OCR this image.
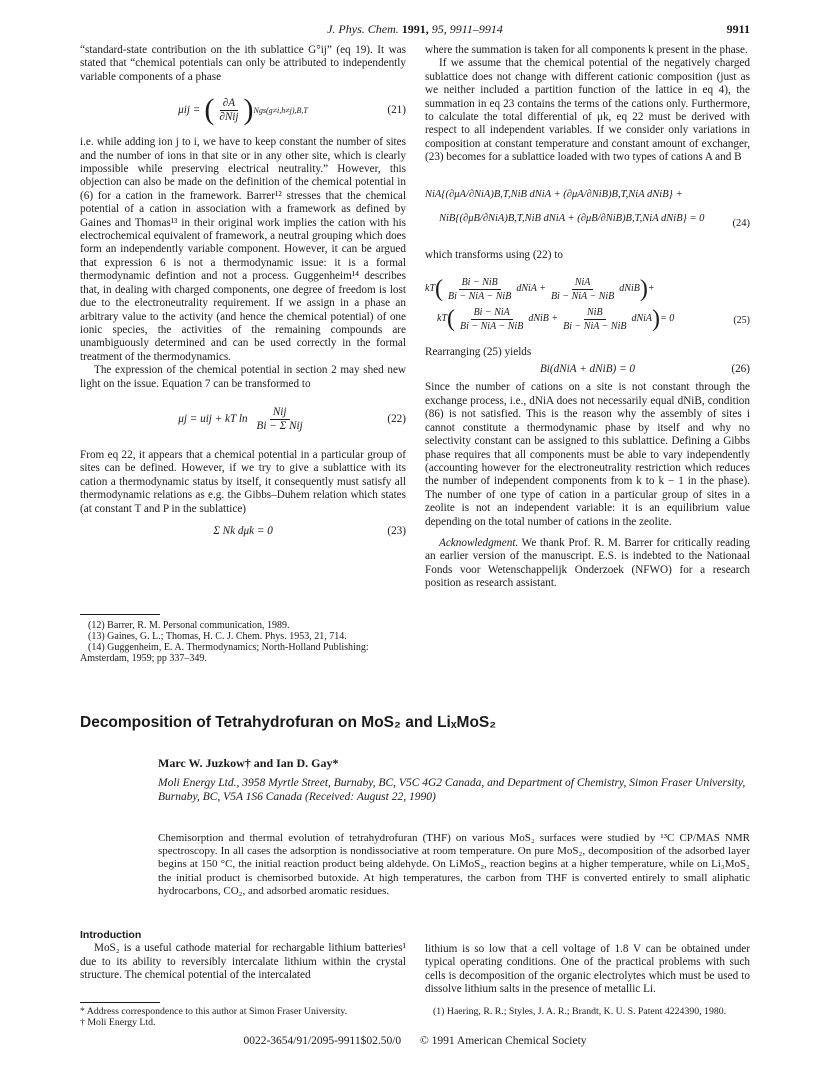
J. Phys. Chem. 1991, 95, 9911–9914	9911

“standard-state contribution on the ith sublattice G°ij” (eq 19). It was stated that “chemical potentials can only be attributed to independently variable components of a phase

μij = ( $\frac{\partial A}{\text{∂Nij}}$ ) Ngs(g≠i,h≠j),B,T	(21)

i.e. while adding ion j to i, we have to keep constant the number of sites and the number of ions in that site or in any other site, which is clearly impossible while preserving electrical neutrality.” However, this objection can also be made on the definition of the chemical potential in (6) for a cation in the framework. Barrer¹² stresses that the chemical potential of a cation in association with a framework as defined by Gaines and Thomas¹³ in their original work implies the cation with his electrochemical equivalent of framework, a neutral grouping which does form an independently variable component. However, it can be argued that expression 6 is not a thermodynamic issue: it is a formal thermodynamic defintion and not a process. Guggenheim¹⁴ describes that, in dealing with charged components, one degree of freedom is lost due to the electroneutrality requirement. If we assign in a phase an arbitrary value to the activity (and hence the chemical potential) of one ionic species, the activities of the remaining compounds are unambiguously determined and can be used correctly in the formal treatment of the thermodynamics.

The expression of the chemical potential in section 2 may shed new light on the issue. Equation 7 can be transformed to

μj = uij + kT $\ln \frac{\text{Nij}}{\text{Bi − Σ Nij}}$	(22)

From eq 22, it appears that a chemical potential in a particular group of sites can be defined. However, if we try to give a sublattice with its cation a thermodynamic status by itself, it consequently must satisfy all thermodynamic relations as e.g. the Gibbs–Duhem relation which states (at constant T and P in the sublattice)

Σ Nk dμk = 0	(23)

(12) Barrer, R. M. Personal communication, 1989.

(13) Gaines, G. L.; Thomas, H. C. J. Chem. Phys. 1953, 21, 714.

(14) Guggenheim, E. A. Thermodynamics; North-Holland Publishing: Amsterdam, 1959; pp 337–349.

where the summation is taken for all components k present in the phase.

If we assume that the chemical potential of the negatively charged sublattice does not change with different cationic composition (just as we neither included a partition function of the lattice in eq 4), the summation in eq 23 contains the terms of the cations only. Furthermore, to calculate the total differential of μk, eq 22 must be derived with respect to all independent variables. If we consider only variations in composition at constant temperature and constant amount of exchanger, (23) becomes for a sublattice loaded with two types of cations A and B

NiA{(∂μA/∂NiA)B,T,NiB dNiA + (∂μA/∂NiB)B,T,NiA dNiB} +
NiB{(∂μB/∂NiA)B,T,NiB dNiA + (∂μB/∂NiB)B,T,NiA dNiB} = 0	(24)

which transforms using (22) to

kT ( $\frac{\text{Bi − NiB}}{\text{Bi − NiA − NiB}}$ dNiA + $\frac{\text{NiA}}{\text{Bi − NiA − NiB}}$ dNiB ) +
kT ( $\frac{\text{Bi − NiA}}{\text{Bi − NiA − NiB}}$ dNiB + $\frac{\text{NiB}}{\text{Bi − NiA − NiB}}$ dNiA ) = 0	(25)

Rearranging (25) yields

Bi(dNiA + dNiB) = 0	(26)

Since the number of cations on a site is not constant through the exchange process, i.e., dNiA does not necessarily equal dNiB, condition (86) is not satisfied. This is the reason why the assembly of sites i cannot constitute a thermodynamic phase by itself and why no selectivity constant can be assigned to this sublattice. Defining a Gibbs phase requires that all components must be able to vary independently (accounting however for the electroneutrality restriction which reduces the number of independent components from k to k − 1 in the phase). The number of one type of cation in a particular group of sites in a zeolite is not an independent variable: it is an equilibrium value depending on the total number of cations in the zeolite.

Acknowledgment. We thank Prof. R. M. Barrer for critically reading an earlier version of the manuscript. E.S. is indebted to the Nationaal Fonds voor Wetenschappelijk Onderzoek (NFWO) for a research position as research assistant.

Decomposition of Tetrahydrofuran on MoS₂ and LiₓMoS₂
Marc W. Juzkow† and Ian D. Gay*
Moli Energy Ltd., 3958 Myrtle Street, Burnaby, BC, V5C 4G2 Canada, and Department of Chemistry, Simon Fraser University, Burnaby, BC, V5A 1S6 Canada (Received: August 22, 1990)
Chemisorption and thermal evolution of tetrahydrofuran (THF) on various MoS₂ surfaces were studied by ¹³C CP/MAS NMR spectroscopy. In all cases the adsorption is nondissociative at room temperature. On pure MoS₂, decomposition of the adsorbed layer begins at 150 °C, the initial reaction product being aldehyde. On LiMoS₂, reaction begins at a higher temperature, while on Li₃MoS₂ the initial product is chemisorbed butoxide. At high temperatures, the carbon from THF is converted entirely to small aliphatic hydrocarbons, CO₂, and adsorbed aromatic residues.
Introduction

MoS₂ is a useful cathode material for rechargable lithium batteries¹ due to its ability to reversibly intercalate lithium within the crystal structure. The chemical potential of the intercalated

lithium is so low that a cell voltage of 1.8 V can be obtained under typical operating conditions. One of the practical problems with such cells is decomposition of the organic electrolytes which must be used to dissolve lithium salts in the presence of metallic Li.

* Address correspondence to this author at Simon Fraser University.

† Moli Energy Ltd.

(1) Haering, R. R.; Styles, J. A. R.; Brandt, K. U. S. Patent 4224390, 1980.

0022-3654/91/2095-9911$02.50/0 © 1991 American Chemical Society
